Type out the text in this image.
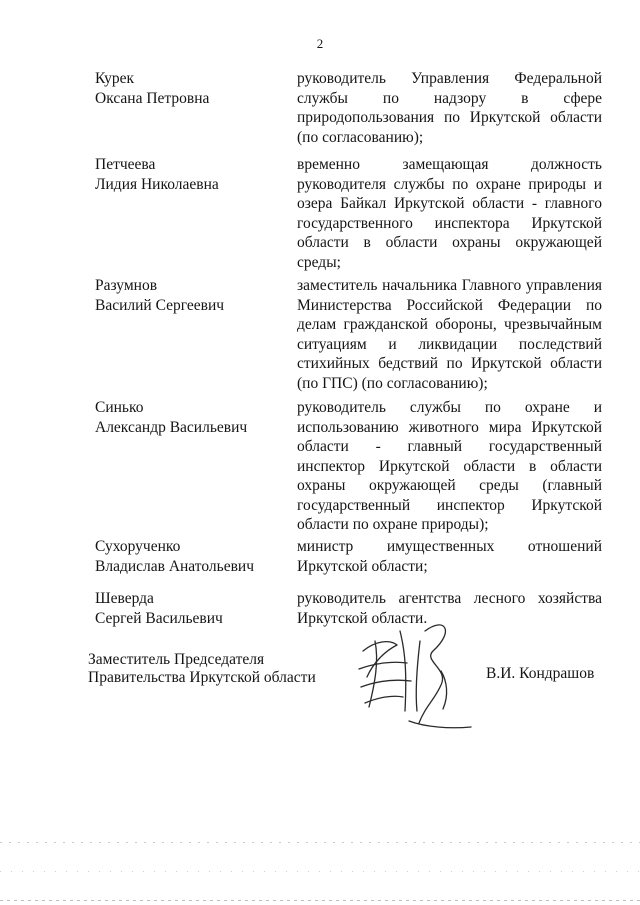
2
Курек
Оксана Петровна
руководитель Управления Федеральной службы по надзору в сфере природопользования по Иркутской области (по согласованию);
Петчеева
Лидия Николаевна
временно замещающая должность руководителя службы по охране природы и озера Байкал Иркутской области - главного государственного инспектора Иркутской области в области охраны окружающей среды;
Разумнов
Василий Сергеевич
заместитель начальника Главного управления Министерства Российской Федерации по делам гражданской обороны, чрезвычайным ситуациям и ликвидации последствий стихийных бедствий по Иркутской области (по ГПС) (по согласованию);
Синько
Александр Васильевич
руководитель службы по охране и использованию животного мира Иркутской области - главный государственный инспектор Иркутской области в области охраны окружающей среды (главный государственный инспектор Иркутской области по охране природы);
Сухорученко
Владислав Анатольевич
министр имущественных отношений Иркутской области;
Шеверда
Сергей Васильевич
руководитель агентства лесного хозяйства Иркутской области.
Заместитель Председателя
Правительства Иркутской области	В.И. Кондрашов
